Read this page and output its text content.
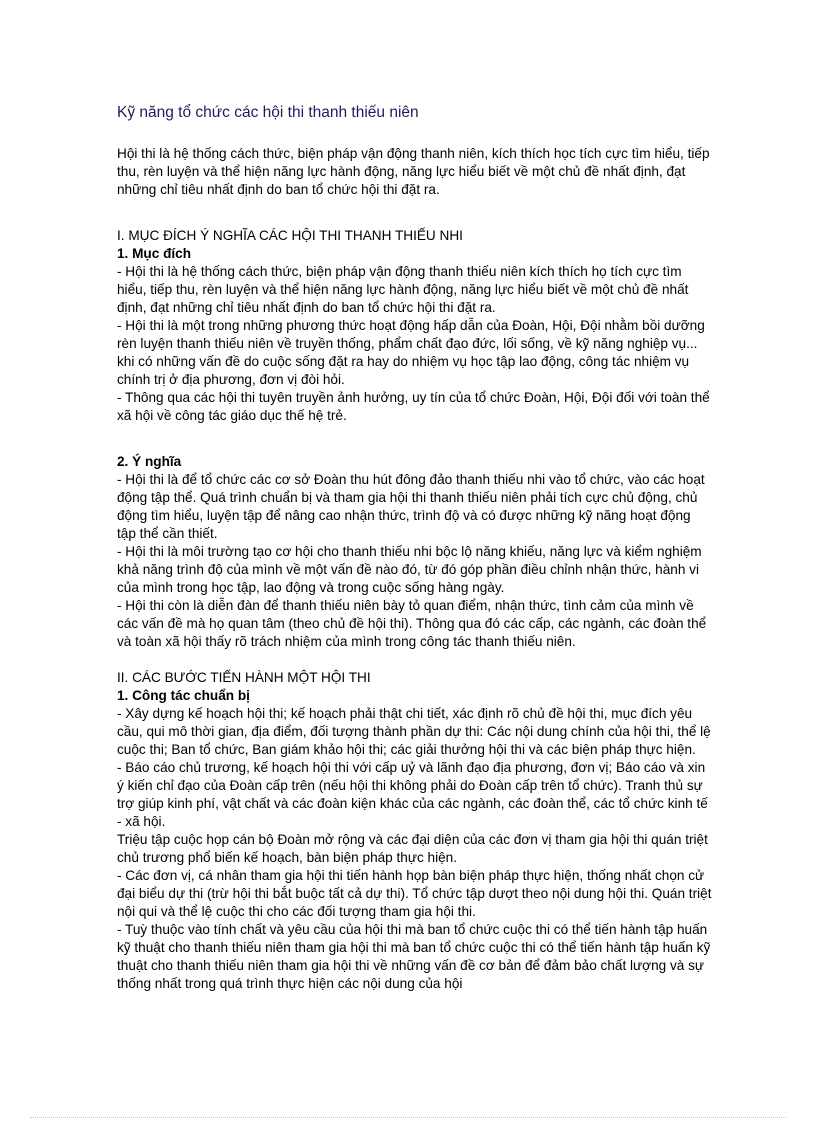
Kỹ năng tổ chức các hội thi thanh thiếu niên

Hội thi là hệ thống cách thức, biện pháp vận động thanh niên, kích thích học tích cực tìm hiểu, tiếp thu, rèn luyện và thể hiện năng lực hành động, năng lực hiểu biết về một chủ đề nhất định, đạt những chỉ tiêu nhất định do ban tổ chức hội thi đặt ra.

I. MỤC ĐÍCH Ý NGHĨA CÁC HỘI THI THANH THIẾU NHI
1. Mục đích

- Hội thi là hệ thống cách thức, biện pháp vận động thanh thiếu niên kích thích họ tích cực tìm hiểu, tiếp thu, rèn luyện và thể hiện năng lực hành động, năng lực hiểu biết về một chủ đề nhất định, đạt những chỉ tiêu nhất định do ban tổ chức hội thi đặt ra.

- Hội thi là một trong những phương thức hoạt động hấp dẫn của Đoàn, Hội, Đội nhằm bồi dưỡng rèn luyện thanh thiếu niên về truyền thống, phẩm chất đạo đức, lối sống, về kỹ năng nghiệp vụ... khi có những vấn đề do cuộc sống đặt ra hay do nhiệm vụ học tập lao động, công tác nhiệm vụ chính trị ở địa phương, đơn vị đòi hỏi.

- Thông qua các hội thi tuyên truyền ảnh hưởng, uy tín của tổ chức Đoàn, Hội, Đội đối với toàn thể xã hội về công tác giáo dục thế hệ trẻ.

2. Ý nghĩa

- Hội thi là để tổ chức các cơ sở Đoàn thu hút đông đảo thanh thiếu nhi vào tổ chức, vào các hoạt động tập thể. Quá trình chuẩn bị và tham gia hội thi thanh thiếu niên phải tích cực chủ động, chủ động tìm hiểu, luyện tập để nâng cao nhận thức, trình độ và có được những kỹ năng hoạt động tập thể cần thiết.

- Hội thi là môi trường tạo cơ hội cho thanh thiếu nhi bộc lộ năng khiếu, năng lực và kiểm nghiệm khả năng trình độ của mình về một vấn đề nào đó, từ đó góp phần điều chỉnh nhận thức, hành vi của mình trong học tập, lao động và trong cuộc sống hàng ngày.

- Hội thi còn là diễn đàn để thanh thiếu niên bày tỏ quan điểm, nhận thức, tình cảm của mình về các vấn đề mà họ quan tâm (theo chủ đề hội thi). Thông qua đó các cấp, các ngành, các đoàn thể và toàn xã hội thấy rõ trách nhiệm của mình trong công tác thanh thiếu niên.

II. CÁC BƯỚC TIẾN HÀNH MỘT HỘI THI
1. Công tác chuẩn bị

- Xây dựng kế hoạch hội thi; kế hoạch phải thật chi tiết, xác định rõ chủ đề hội thi, mục đích yêu cầu, qui mô thời gian, địa điểm, đối tượng thành phần dự thi: Các nội dung chính của hội thi, thể lệ cuộc thi; Ban tổ chức, Ban giám khảo hội thi; các giải thưởng hội thi và các biện pháp thực hiện.

- Báo cáo chủ trương, kế hoạch hội thi với cấp uỷ và lãnh đạo địa phương, đơn vị; Báo cáo và xin ý kiến chỉ đạo của Đoàn cấp trên (nếu hội thi không phải do Đoàn cấp trên tổ chức). Tranh thủ sự trợ giúp kinh phí, vật chất và các đoàn kiện khác của các ngành, các đoàn thể, các tổ chức kinh tế - xã hội.

Triệu tập cuộc họp cán bộ Đoàn mở rộng và các đại diện của các đơn vị tham gia hội thi quán triệt chủ trương phổ biến kế hoạch, bàn biện pháp thực hiện.

- Các đơn vị, cá nhân tham gia hội thi tiến hành họp bàn biện pháp thực hiện, thống nhất chọn cử đại biểu dự thi (trừ hội thi bắt buộc tất cả dự thi). Tổ chức tập dượt theo nội dung hội thi. Quán triệt nội qui và thể lệ cuộc thi cho các đối tượng tham gia hội thi.

- Tuỳ thuộc vào tính chất và yêu cầu của hội thi mà ban tổ chức cuộc thi có thể tiến hành tập huấn kỹ thuật cho thanh thiếu niên tham gia hội thi mà ban tổ chức cuộc thi có thể tiến hành tập huấn kỹ thuật cho thanh thiếu niên tham gia hội thi về những vấn đề cơ bản để đảm bảo chất lượng và sự thống nhất trong quá trình thực hiện các nội dung của hội
